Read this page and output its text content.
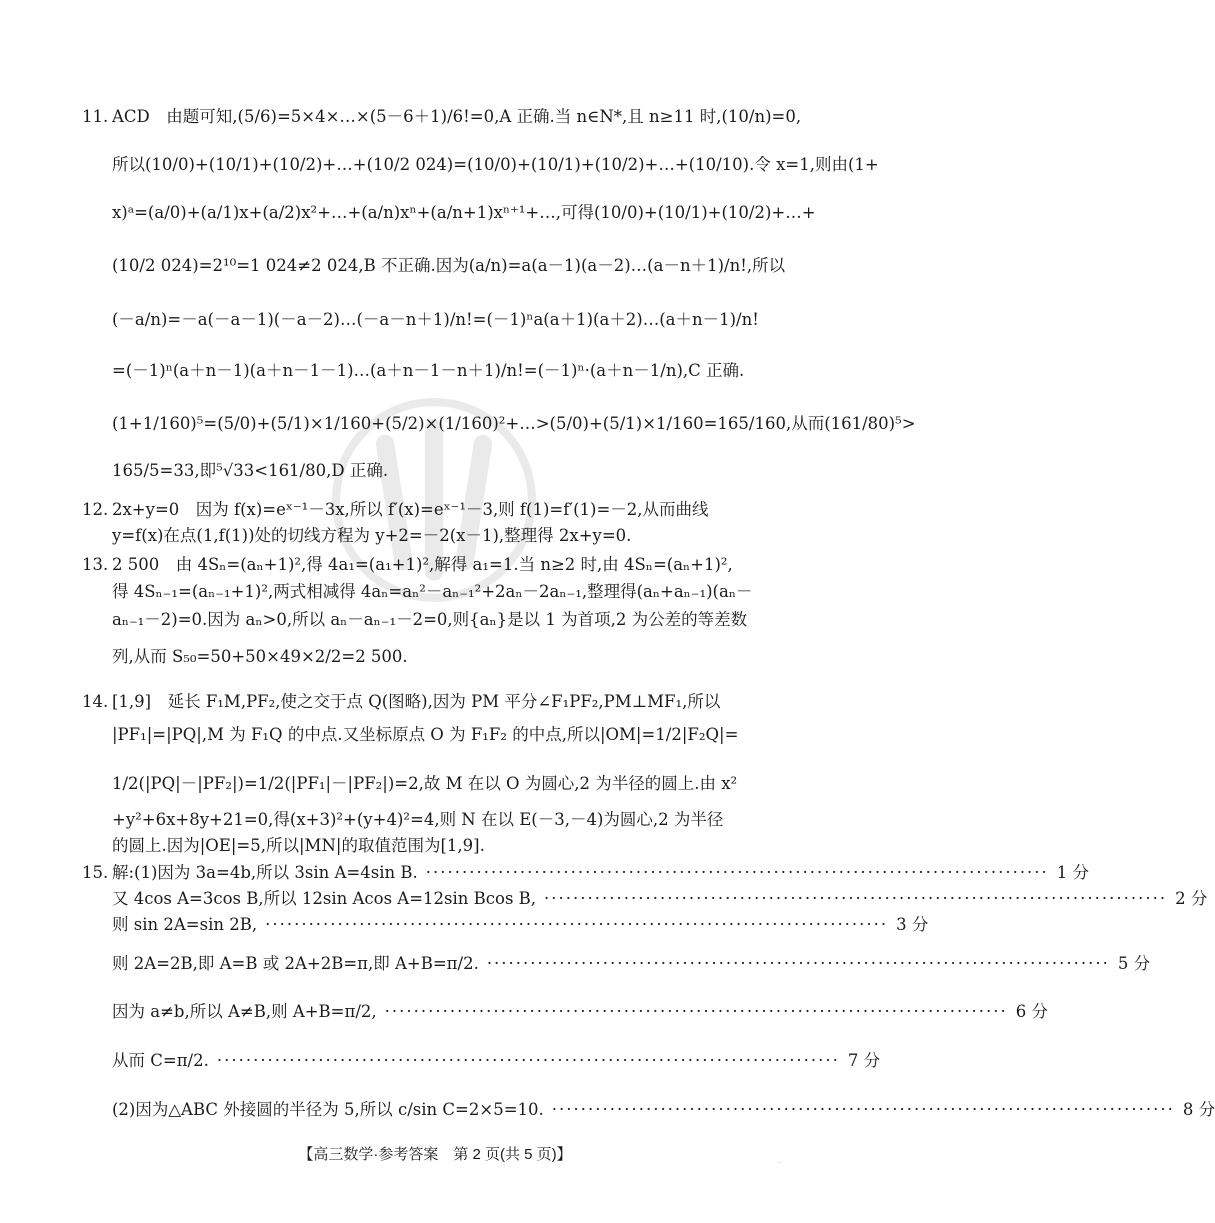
11. ACD　由题可知,(5/6)=5×4×…×(5－6＋1)/6!=0,A 正确.当 n∈N*,且 n≥11 时,(10/n)=0,
所以(10/0)+(10/1)+(10/2)+…+(10/2 024)=(10/0)+(10/1)+(10/2)+…+(10/10).令 x=1,则由(1+
x)ᵃ=(a/0)+(a/1)x+(a/2)x²+…+(a/n)xⁿ+(a/n+1)xⁿ⁺¹+…,可得(10/0)+(10/1)+(10/2)+…+
(10/2 024)=2¹⁰=1 024≠2 024,B 不正确.因为(a/n)=a(a－1)(a－2)…(a－n＋1)/n!,所以
(－a/n)=－a(－a－1)(－a－2)…(－a－n＋1)/n!=(－1)ⁿa(a＋1)(a＋2)…(a＋n－1)/n!
=(－1)ⁿ(a＋n－1)(a＋n－1－1)…(a＋n－1－n＋1)/n!=(－1)ⁿ·(a＋n－1/n),C 正确.
(1+1/160)⁵=(5/0)+(5/1)×1/160+(5/2)×(1/160)²+…>(5/0)+(5/1)×1/160=165/160,从而(161/80)⁵>
165/5=33,即⁵√33<161/80,D 正确.
12. 2x+y=0　因为 f(x)=eˣ⁻¹－3x,所以 f′(x)=eˣ⁻¹－3,则 f(1)=f′(1)=－2,从而曲线
y=f(x)在点(1,f(1))处的切线方程为 y+2=－2(x－1),整理得 2x+y=0.
13. 2 500　由 4Sₙ=(aₙ+1)²,得 4a₁=(a₁+1)²,解得 a₁=1.当 n≥2 时,由 4Sₙ=(aₙ+1)²,
得 4Sₙ₋₁=(aₙ₋₁+1)²,两式相减得 4aₙ=aₙ²－aₙ₋₁²+2aₙ－2aₙ₋₁,整理得(aₙ+aₙ₋₁)(aₙ－
aₙ₋₁－2)=0.因为 aₙ>0,所以 aₙ－aₙ₋₁－2=0,则{aₙ}是以 1 为首项,2 为公差的等差数
列,从而 S₅₀=50+50×49×2/2=2 500.
14. [1,9]　延长 F₁M,PF₂,使之交于点 Q(图略),因为 PM 平分∠F₁PF₂,PM⊥MF₁,所以
|PF₁|=|PQ|,M 为 F₁Q 的中点.又坐标原点 O 为 F₁F₂ 的中点,所以|OM|=1/2|F₂Q|=
1/2(|PQ|－|PF₂|)=1/2(|PF₁|－|PF₂|)=2,故 M 在以 O 为圆心,2 为半径的圆上.由 x²
+y²+6x+8y+21=0,得(x+3)²+(y+4)²=4,则 N 在以 E(－3,－4)为圆心,2 为半径
的圆上.因为|OE|=5,所以|MN|的取值范围为[1,9].
15. 解:(1)因为 3a=4b,所以 3sin A=4sin B. ······················································································ 1 分
又 4cos A=3cos B,所以 12sin Acos A=12sin Bcos B, ······················································································ 2 分
则 sin 2A=sin 2B, ······················································································ 3 分
则 2A=2B,即 A=B 或 2A+2B=π,即 A+B=π/2. ······················································································ 5 分
因为 a≠b,所以 A≠B,则 A+B=π/2, ······················································································ 6 分
从而 C=π/2. ······················································································ 7 分
(2)因为△ABC 外接圆的半径为 5,所以 c/sin C=2×5=10. ······················································································ 8 分
【高三数学·参考答案　第 2 页(共 5 页)】	..
